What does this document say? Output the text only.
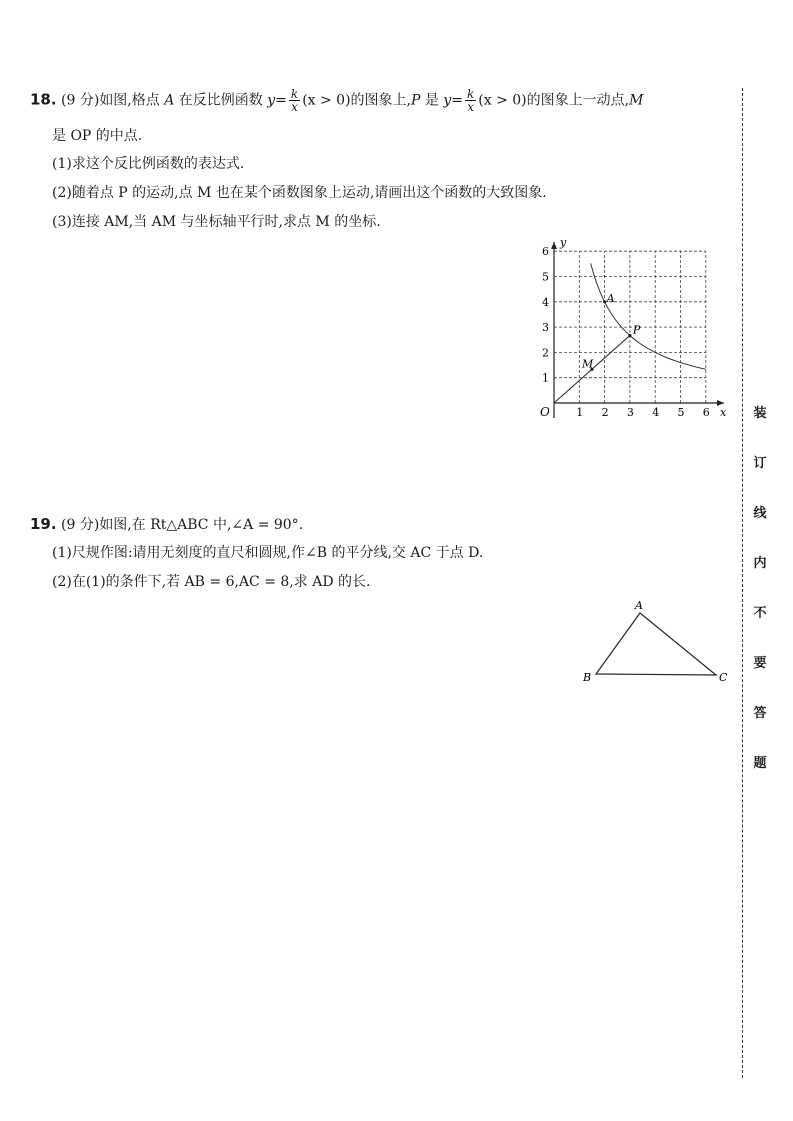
18. (9 分)如图,格点 A 在反比例函数 $y= \frac{k}{x} (x > 0)$的图象上,P 是 $y= \frac{k}{x} (x > 0)$的图象上一动点,M
是 OP 的中点.
(1)求这个反比例函数的表达式.
(2)随着点 P 的运动,点 M 也在某个函数图象上运动,请画出这个函数的大致图象.
(3)连接 AM,当 AM 与坐标轴平行时,求点 M 的坐标.
x
y
O 1 2 3 4 5 6
1
2
3
4
5
6
A
P
M
19. (9 分)如图,在 Rt△ABC 中,∠A = 90°.
(1)尺规作图:请用无刻度的直尺和圆规,作∠B 的平分线,交 AC 于点 D.
(2)在(1)的条件下,若 AB = 6,AC = 8,求 AD 的长.
A
B	C
装
订
线
内
不
要
答
题
